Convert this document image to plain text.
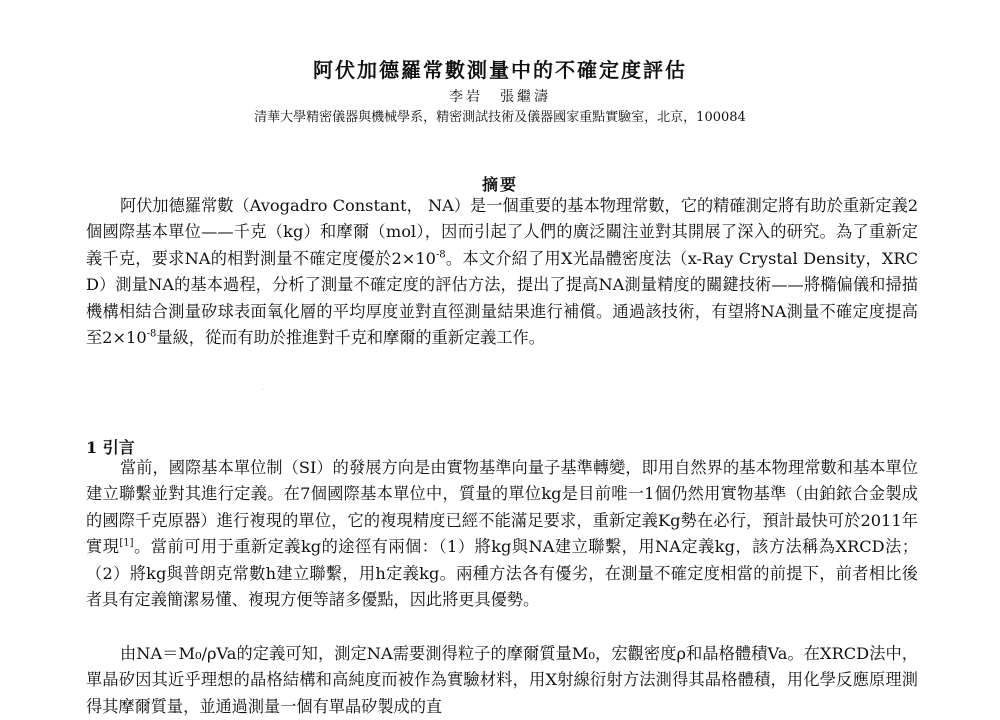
阿伏加德羅常數測量中的不確定度評估
李岩　張繼濤
清華大學精密儀器與機械學系，精密測試技術及儀器國家重點實驗室，北京，100084
摘要

阿伏加德羅常數（Avogadro Constant， NA）是一個重要的基本物理常數，它的精確測定將有助於重新定義2個國際基本單位——千克（kg）和摩爾（mol），因而引起了人們的廣泛關注並對其開展了深入的研究。為了重新定義千克，要求NA的相對測量不確定度優於$2\times 10^{-8}$。本文介紹了用X光晶體密度法（x-Ray Crystal Density，XRCD）測量NA的基本過程，分析了測量不確定度的評估方法，提出了提高NA測量精度的關鍵技術——將橢偏儀和掃描機構相結合測量矽球表面氧化層的平均厚度並對直徑測量結果進行補償。通過該技術，有望將NA測量不確定度提高至$2\times 10^{-8}$量級，從而有助於推進對千克和摩爾的重新定義工作。

·
1 引言

當前，國際基本單位制（SI）的發展方向是由實物基準向量子基準轉變，即用自然界的基本物理常數和基本單位建立聯繫並對其進行定義。在7個國際基本單位中，質量的單位kg是目前唯一1個仍然用實物基準（由鉑銥合金製成的國際千克原器）進行複現的單位，它的複現精度已經不能滿足要求，重新定義Kg勢在必行，預計最快可於2011年實現[1]。當前可用于重新定義kg的途徑有兩個：（1）將kg與NA建立聯繫，用NA定義kg，該方法稱為XRCD法；（2）將kg與普朗克常數h建立聯繫，用h定義kg。兩種方法各有優劣，在測量不確定度相當的前提下，前者相比後者具有定義簡潔易懂、複現方便等諸多優點，因此將更具優勢。

由NA＝M₀/ρVa的定義可知，測定NA需要測得粒子的摩爾質量M₀，宏觀密度ρ和晶格體積Va。在XRCD法中，單晶矽因其近乎理想的晶格結構和高純度而被作為實驗材料，用X射線衍射方法測得其晶格體積，用化學反應原理測得其摩爾質量，並通過測量一個有單晶矽製成的直
